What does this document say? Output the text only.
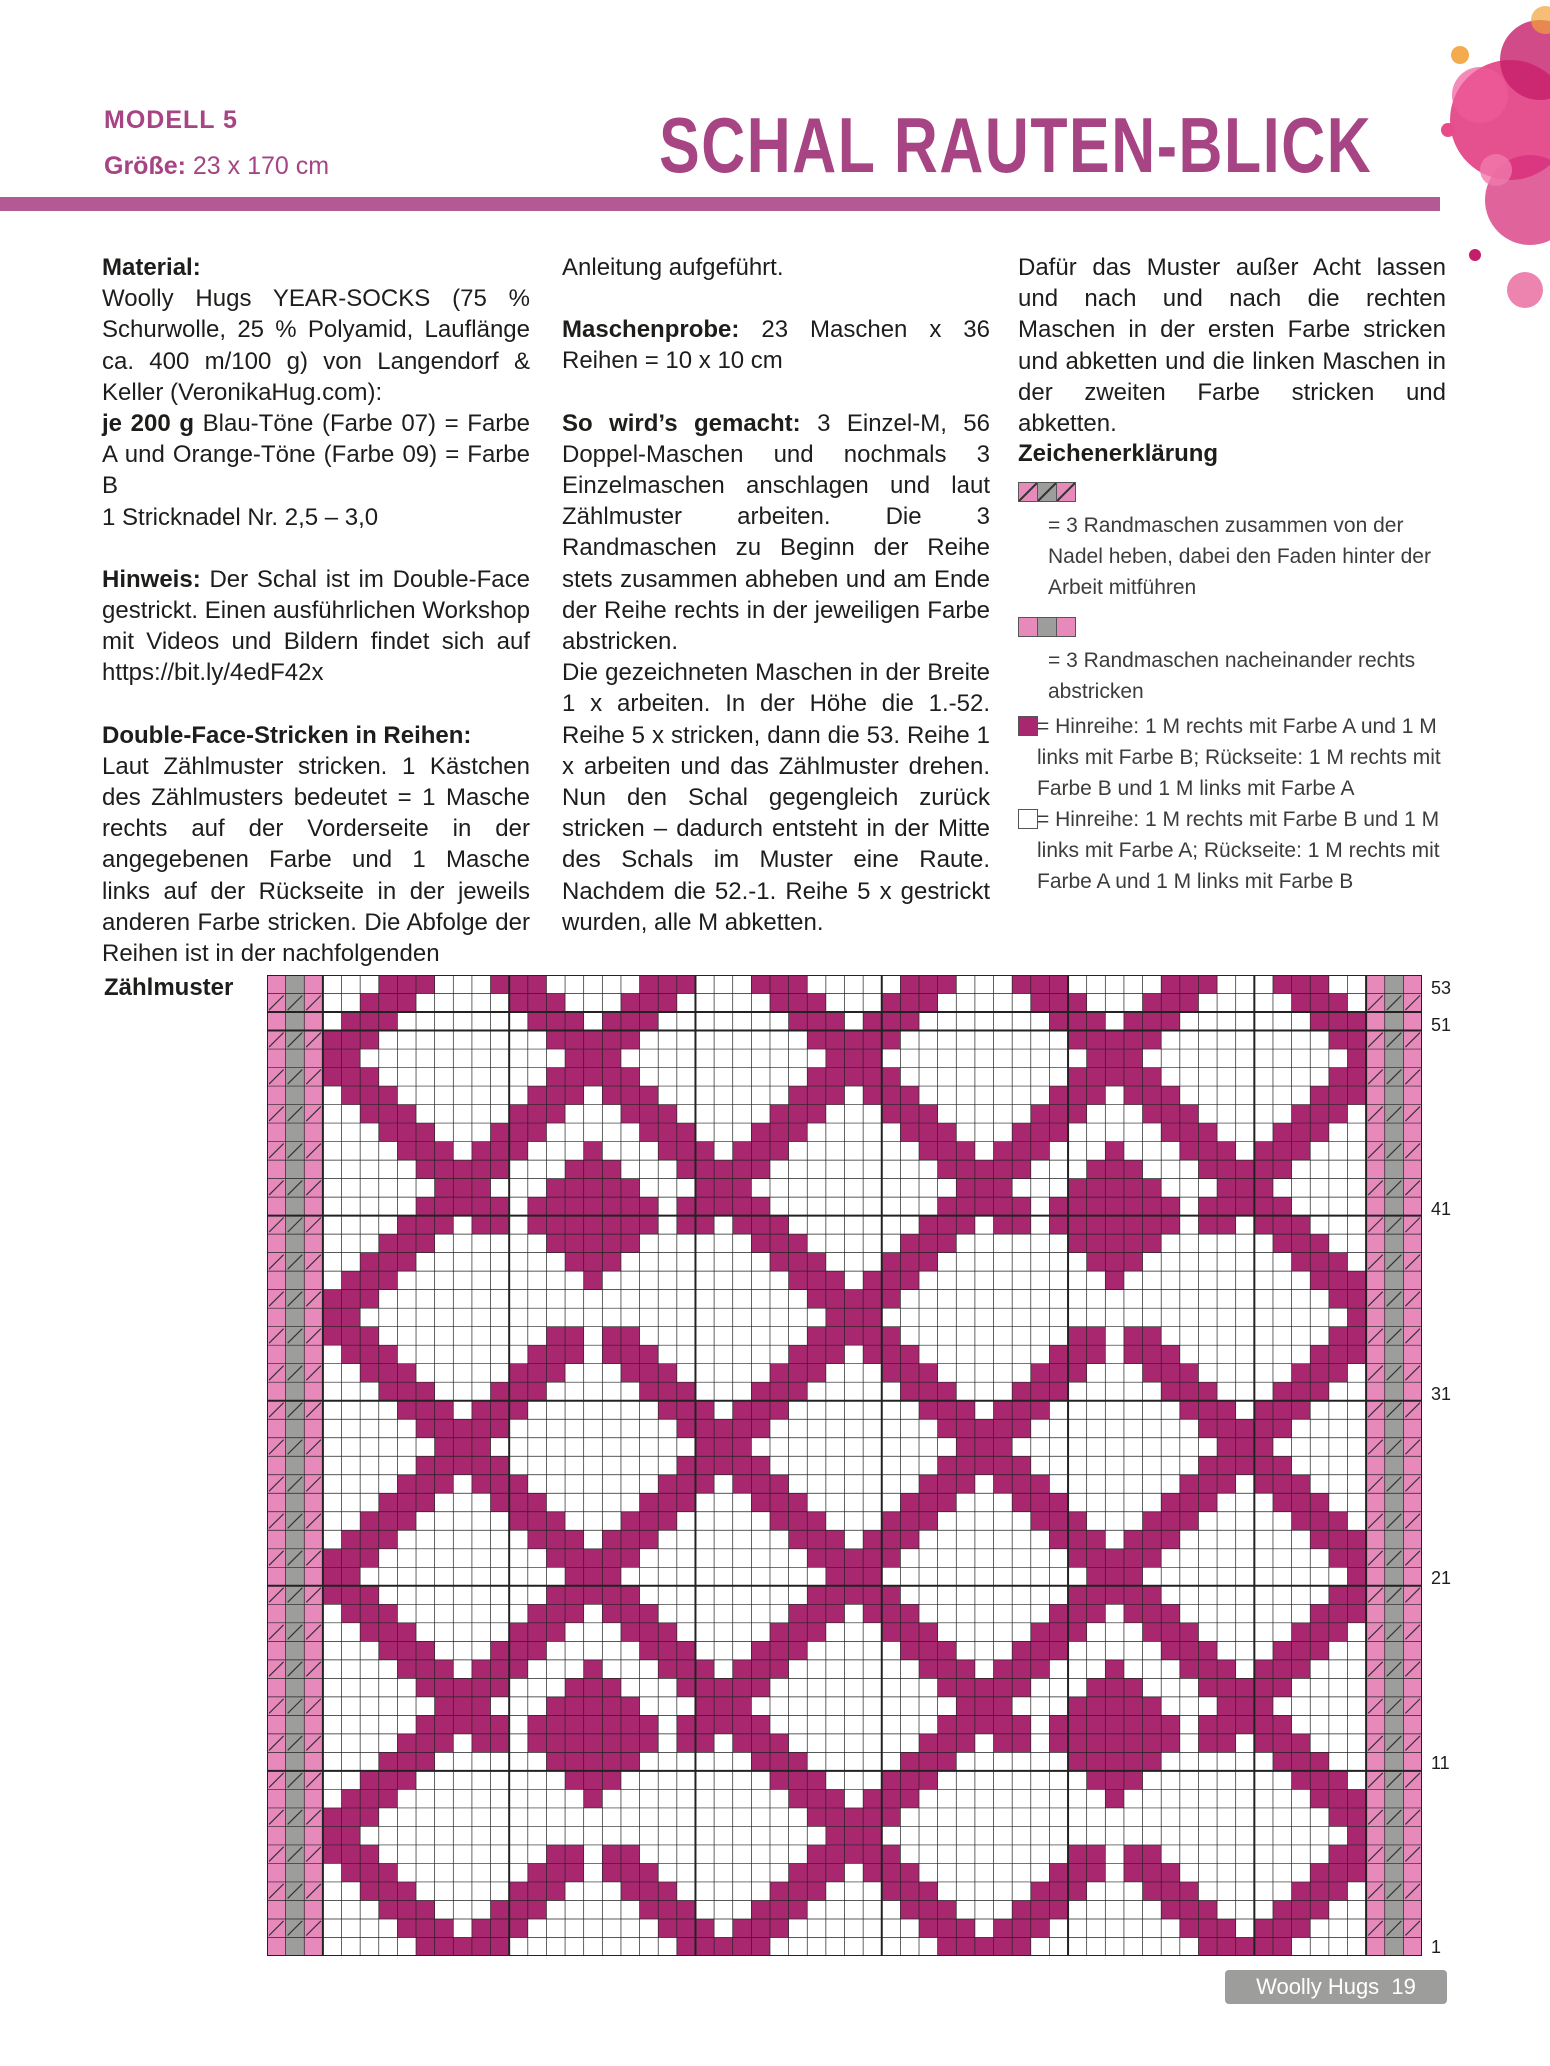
MODELL 5
Größe: 23 x 170 cm	SCHAL RAUTEN-BLICK

Material:

Woolly Hugs YEAR-SOCKS (75 % Schurwolle, 25 % Polyamid, Lauflänge ca. 400 m/100 g) von Langendorf & Keller (VeronikaHug.com):

je 200 g Blau-Töne (Farbe 07) = Farbe A und Orange-Töne (Farbe 09) = Farbe B

1 Stricknadel Nr. 2,5 – 3,0

Hinweis: Der Schal ist im Double-Face gestrickt. Einen ausführlichen Workshop mit Videos und Bildern findet sich auf https://bit.ly/4edF42x

Double-Face-Stricken in Reihen:

Laut Zählmuster stricken. 1 Kästchen des Zählmusters bedeutet = 1 Masche rechts auf der Vorderseite in der angegebenen Farbe und 1 Masche links auf der Rückseite in der jeweils anderen Farbe stricken. Die Abfolge der Reihen ist in der nachfolgenden

Anleitung aufgeführt.

Maschenprobe: 23 Maschen x 36 Reihen = 10 x 10 cm

So wird’s gemacht: 3 Einzel-M, 56 Doppel-Maschen und nochmals 3 Einzelmaschen anschlagen und laut Zählmuster arbeiten. Die 3 Randmaschen zu Beginn der Reihe stets zusammen abheben und am Ende der Reihe rechts in der jeweiligen Farbe abstricken.

Die gezeichneten Maschen in der Breite 1 x arbeiten. In der Höhe die 1.-52. Reihe 5 x stricken, dann die 53. Reihe 1 x arbeiten und das Zählmuster drehen. Nun den Schal gegengleich zurück stricken – dadurch entsteht in der Mitte des Schals im Muster eine Raute. Nachdem die 52.-1. Reihe 5 x gestrickt wurden, alle M abketten.

Dafür das Muster außer Acht lassen und nach und nach die rechten Maschen in der ersten Farbe stricken und abketten und die linken Maschen in der zweiten Farbe stricken und abketten.

Zeichenerklärung
= 3 Randmaschen zusammen von der Nadel heben, dabei den Faden hinter der Arbeit mitführen
= 3 Randmaschen nacheinander rechts abstricken
= Hinreihe: 1 M rechts mit Farbe A und 1 M links mit Farbe B; Rückseite: 1 M rechts mit Farbe B und 1 M links mit Farbe A
= Hinreihe: 1 M rechts mit Farbe B und 1 M links mit Farbe A; Rückseite: 1 M rechts mit Farbe A und 1 M links mit Farbe B
Zählmuster	53
51
41
31
21
11
1
Woolly Hugs 19
